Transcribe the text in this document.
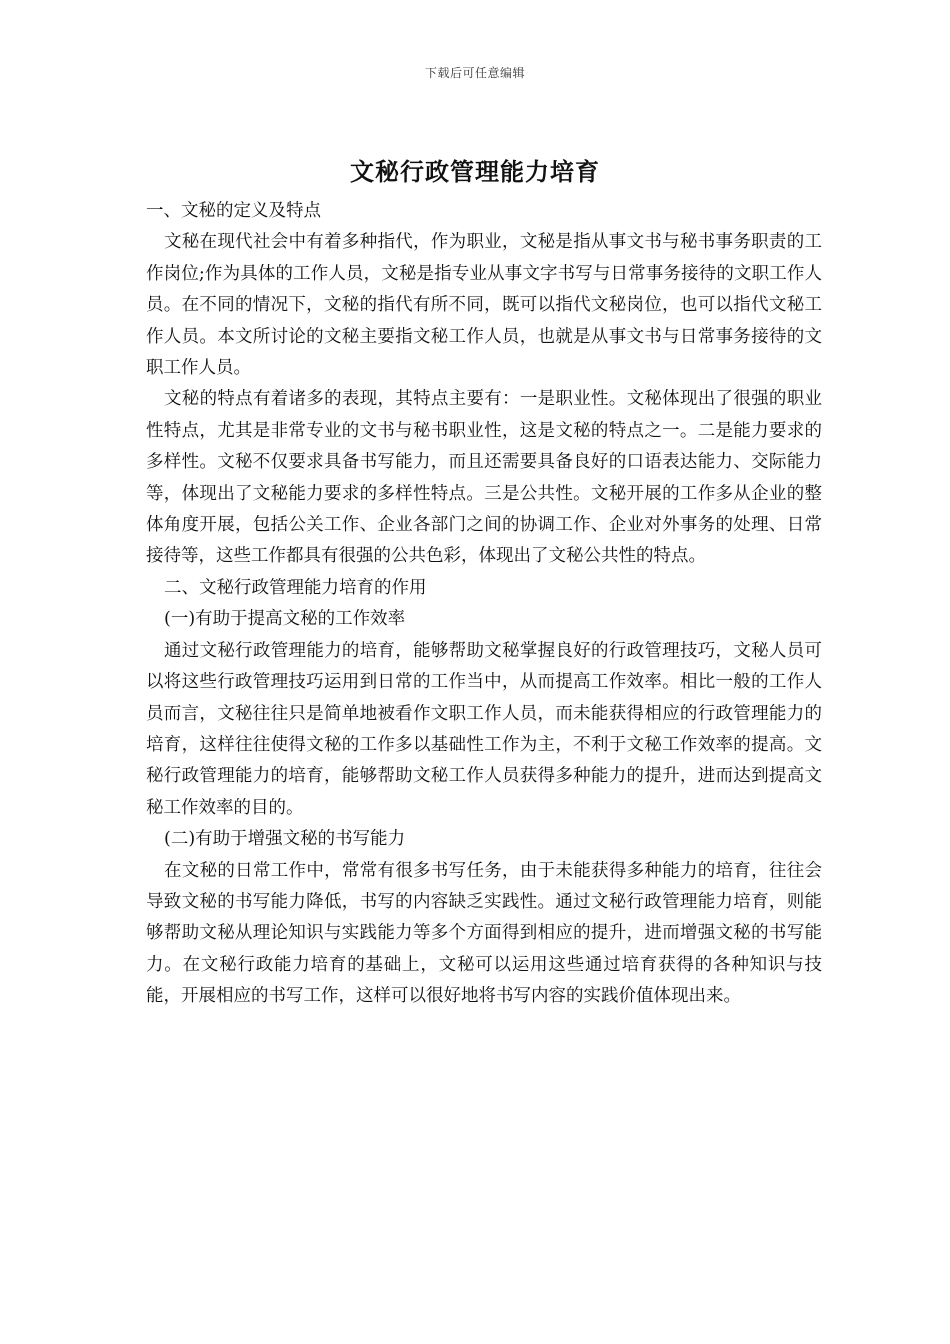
下载后可任意编辑
文秘行政管理能力培育

一、文秘的定义及特点

文秘在现代社会中有着多种指代，作为职业，文秘是指从事文书与秘书事务职责的工作岗位;作为具体的工作人员，文秘是指专业从事文字书写与日常事务接待的文职工作人员。在不同的情况下，文秘的指代有所不同，既可以指代文秘岗位，也可以指代文秘工作人员。本文所讨论的文秘主要指文秘工作人员，也就是从事文书与日常事务接待的文职工作人员。

文秘的特点有着诸多的表现，其特点主要有：一是职业性。文秘体现出了很强的职业性特点，尤其是非常专业的文书与秘书职业性，这是文秘的特点之一。二是能力要求的多样性。文秘不仅要求具备书写能力，而且还需要具备良好的口语表达能力、交际能力等，体现出了文秘能力要求的多样性特点。三是公共性。文秘开展的工作多从企业的整体角度开展，包括公关工作、企业各部门之间的协调工作、企业对外事务的处理、日常接待等，这些工作都具有很强的公共色彩，体现出了文秘公共性的特点。

二、文秘行政管理能力培育的作用

(一)有助于提高文秘的工作效率

通过文秘行政管理能力的培育，能够帮助文秘掌握良好的行政管理技巧，文秘人员可以将这些行政管理技巧运用到日常的工作当中，从而提高工作效率。相比一般的工作人员而言，文秘往往只是简单地被看作文职工作人员，而未能获得相应的行政管理能力的培育，这样往往使得文秘的工作多以基础性工作为主，不利于文秘工作效率的提高。文秘行政管理能力的培育，能够帮助文秘工作人员获得多种能力的提升，进而达到提高文秘工作效率的目的。

(二)有助于增强文秘的书写能力

在文秘的日常工作中，常常有很多书写任务，由于未能获得多种能力的培育，往往会导致文秘的书写能力降低，书写的内容缺乏实践性。通过文秘行政管理能力培育，则能够帮助文秘从理论知识与实践能力等多个方面得到相应的提升，进而增强文秘的书写能力。在文秘行政能力培育的基础上，文秘可以运用这些通过培育获得的各种知识与技能，开展相应的书写工作，这样可以很好地将书写内容的实践价值体现出来。
